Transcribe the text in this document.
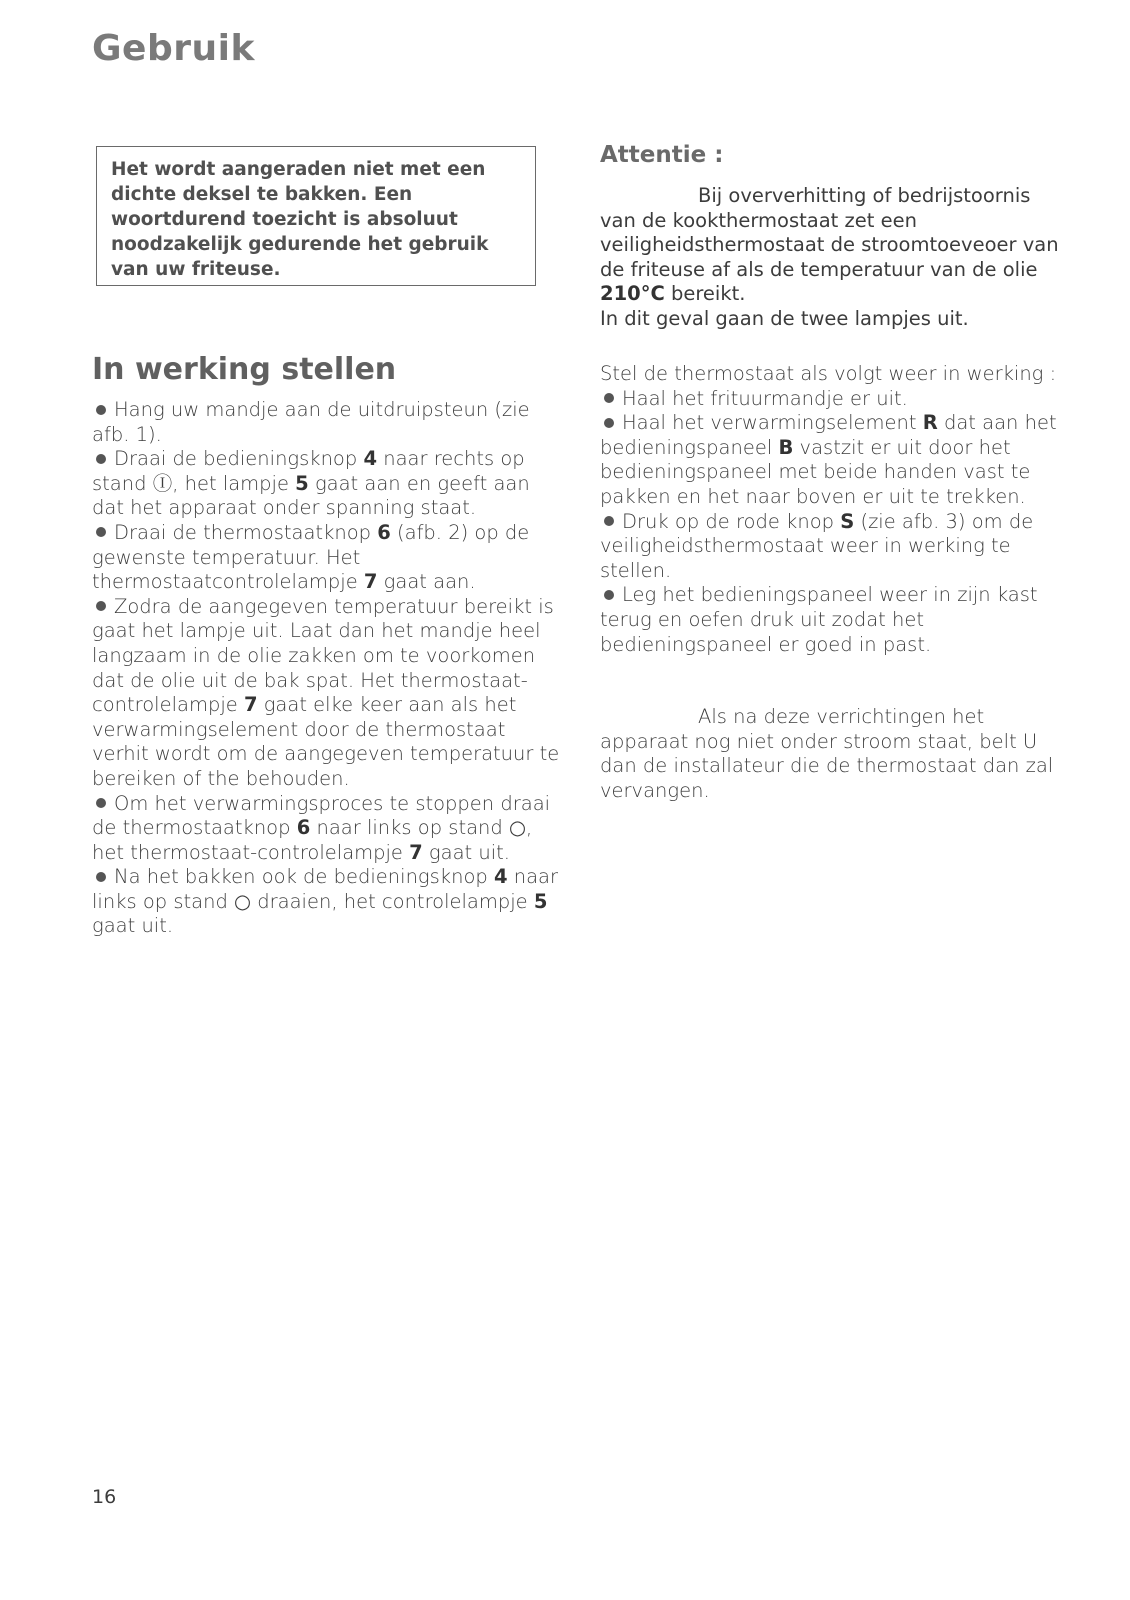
Gebruik

Het wordt aangeraden niet met een dichte deksel te bakken. Een woortdurend toezicht is absoluut noodzakelijk gedurende het gebruik van uw friteuse.

Attentie :

Bij oververhitting of bedrijstoornis van de kookthermostaat zet een veiligheidsthermostaat de stroomtoeveoer van de friteuse af als de temperatuur van de olie 210°C bereikt.

In dit geval gaan de twee lampjes uit.

In werking stellen

Hang uw mandje aan de uitdruipsteun (zie afb. 1).

Draai de bedieningsknop 4 naar rechts op stand Ⓘ, het lampje 5 gaat aan en geeft aan dat het apparaat onder spanning staat.

Draai de thermostaatknop 6 (afb. 2) op de gewenste temperatuur. Het thermostaatcontrolelampje 7 gaat aan.

Zodra de aangegeven temperatuur bereikt is gaat het lampje uit. Laat dan het mandje heel langzaam in de olie zakken om te voorkomen dat de olie uit de bak spat. Het thermostaat-controlelampje 7 gaat elke keer aan als het verwarmingselement door de thermostaat verhit wordt om de aangegeven temperatuur te bereiken of the behouden.

Om het verwarmingsproces te stoppen draai de thermostaatknop 6 naar links op stand ○, het thermostaat-controlelampje 7 gaat uit.

Na het bakken ook de bedieningsknop 4 naar links op stand ○ draaien, het controlelampje 5 gaat uit.

Stel de thermostaat als volgt weer in werking :

Haal het frituurmandje er uit.

Haal het verwarmingselement R dat aan het bedieningspaneel B vastzit er uit door het bedieningspaneel met beide handen vast te pakken en het naar boven er uit te trekken.

Druk op de rode knop S (zie afb. 3) om de veiligheidsthermostaat weer in werking te stellen.

Leg het bedieningspaneel weer in zijn kast terug en oefen druk uit zodat het bedieningspaneel er goed in past.

Als na deze verrichtingen het apparaat nog niet onder stroom staat, belt U dan de installateur die de thermostaat dan zal vervangen.

16
